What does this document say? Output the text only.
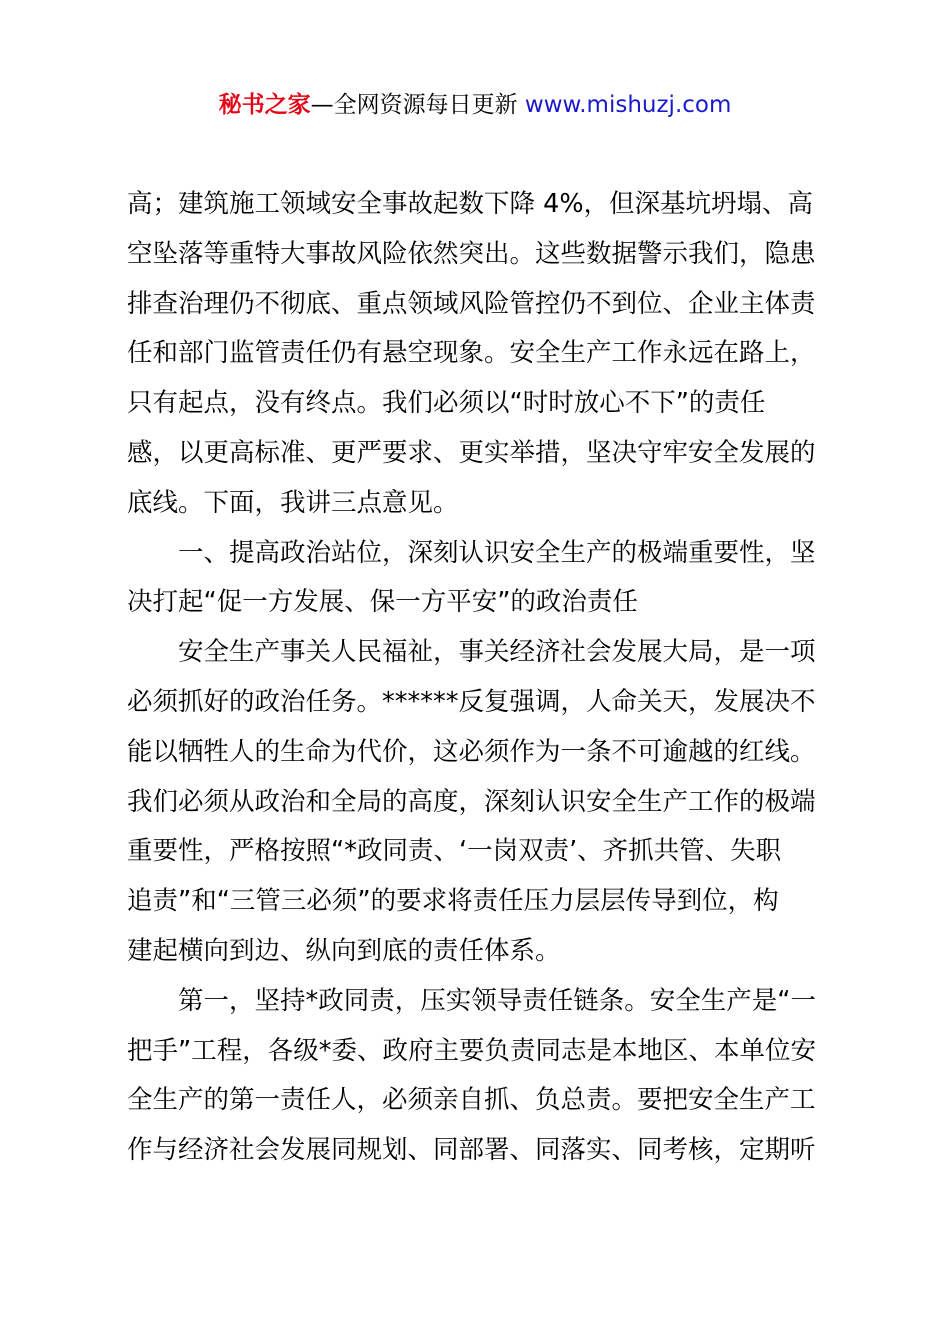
秘书之家—全网资源每日更新 www.mishuzj.com
高；建筑施工领域安全事故起数下降 4%，但深基坑坍塌、高
空坠落等重特大事故风险依然突出。这些数据警示我们，隐患
排查治理仍不彻底、重点领域风险管控仍不到位、企业主体责
任和部门监管责任仍有悬空现象。安全生产工作永远在路上，
只有起点，没有终点。我们必须以“时时放心不下”的责任
感，以更高标准、更严要求、更实举措，坚决守牢安全发展的
底线。下面，我讲三点意见。
　　一、提高政治站位，深刻认识安全生产的极端重要性，坚
决打起“促一方发展、保一方平安”的政治责任
　　安全生产事关人民福祉，事关经济社会发展大局，是一项
必须抓好的政治任务。******反复强调，人命关天，发展决不
能以牺牲人的生命为代价，这必须作为一条不可逾越的红线。
我们必须从政治和全局的高度，深刻认识安全生产工作的极端
重要性，严格按照“*政同责、‘一岗双责’、齐抓共管、失职
追责”和“三管三必须”的要求将责任压力层层传导到位，构
建起横向到边、纵向到底的责任体系。
　　第一，坚持*政同责，压实领导责任链条。安全生产是“一
把手”工程，各级*委、政府主要负责同志是本地区、本单位安
全生产的第一责任人，必须亲自抓、负总责。要把安全生产工
作与经济社会发展同规划、同部署、同落实、同考核，定期听
